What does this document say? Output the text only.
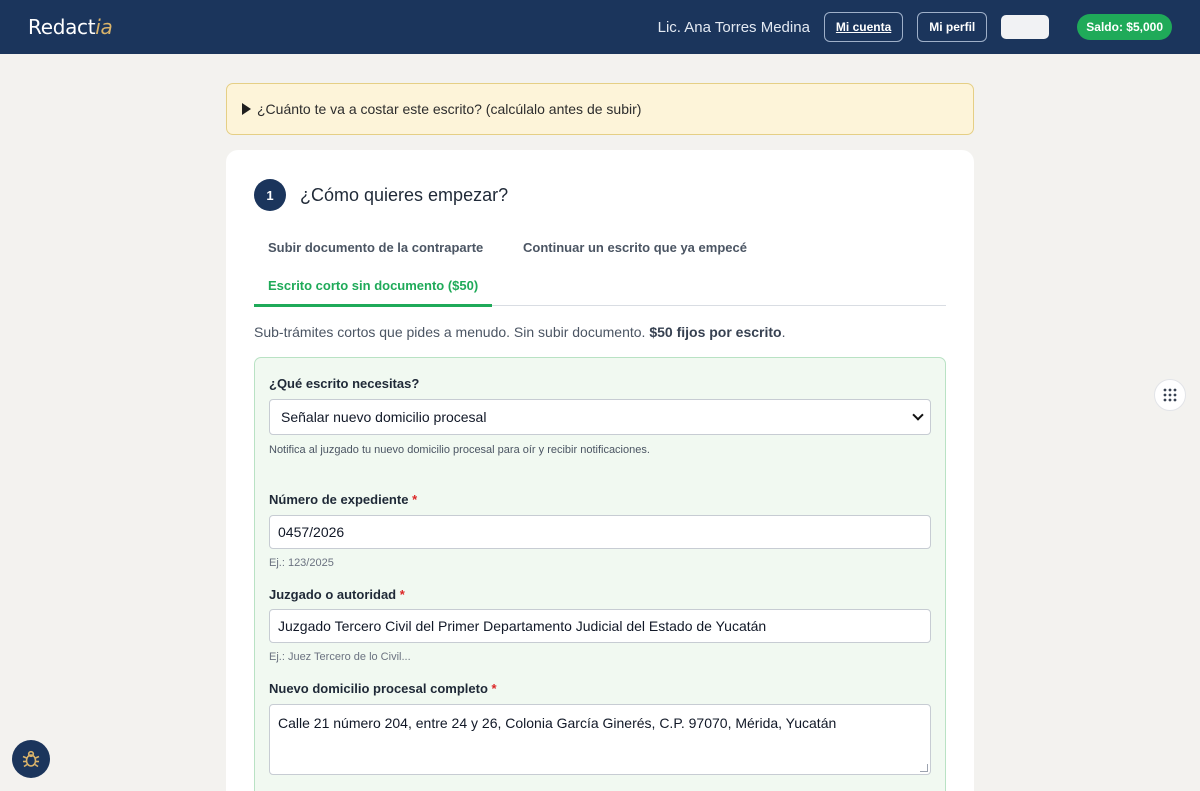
Redactia	Lic. Ana Torres Medina	Mi cuenta	Mi perfil	Saldo: $5,000
¿Cuánto te va a costar este escrito? (calcúlalo antes de subir)
1	¿Cómo quieres empezar?
Subir documento de la contraparte	Continuar un escrito que ya empecé
Escrito corto sin documento ($50)

Sub-trámites cortos que pides a menudo. Sin subir documento. $50 fijos por escrito.

¿Qué escrito necesitas?
Señalar nuevo domicilio procesal
Notifica al juzgado tu nuevo domicilio procesal para oír y recibir notificaciones.
Número de expediente *
0457/2026
Ej.: 123/2025
Juzgado o autoridad *
Juzgado Tercero Civil del Primer Departamento Judicial del Estado de Yucatán
Ej.: Juez Tercero de lo Civil...
Nuevo domicilio procesal completo *
Calle 21 número 204, entre 24 y 26, Colonia García Ginerés, C.P. 97070, Mérida, Yucatán
